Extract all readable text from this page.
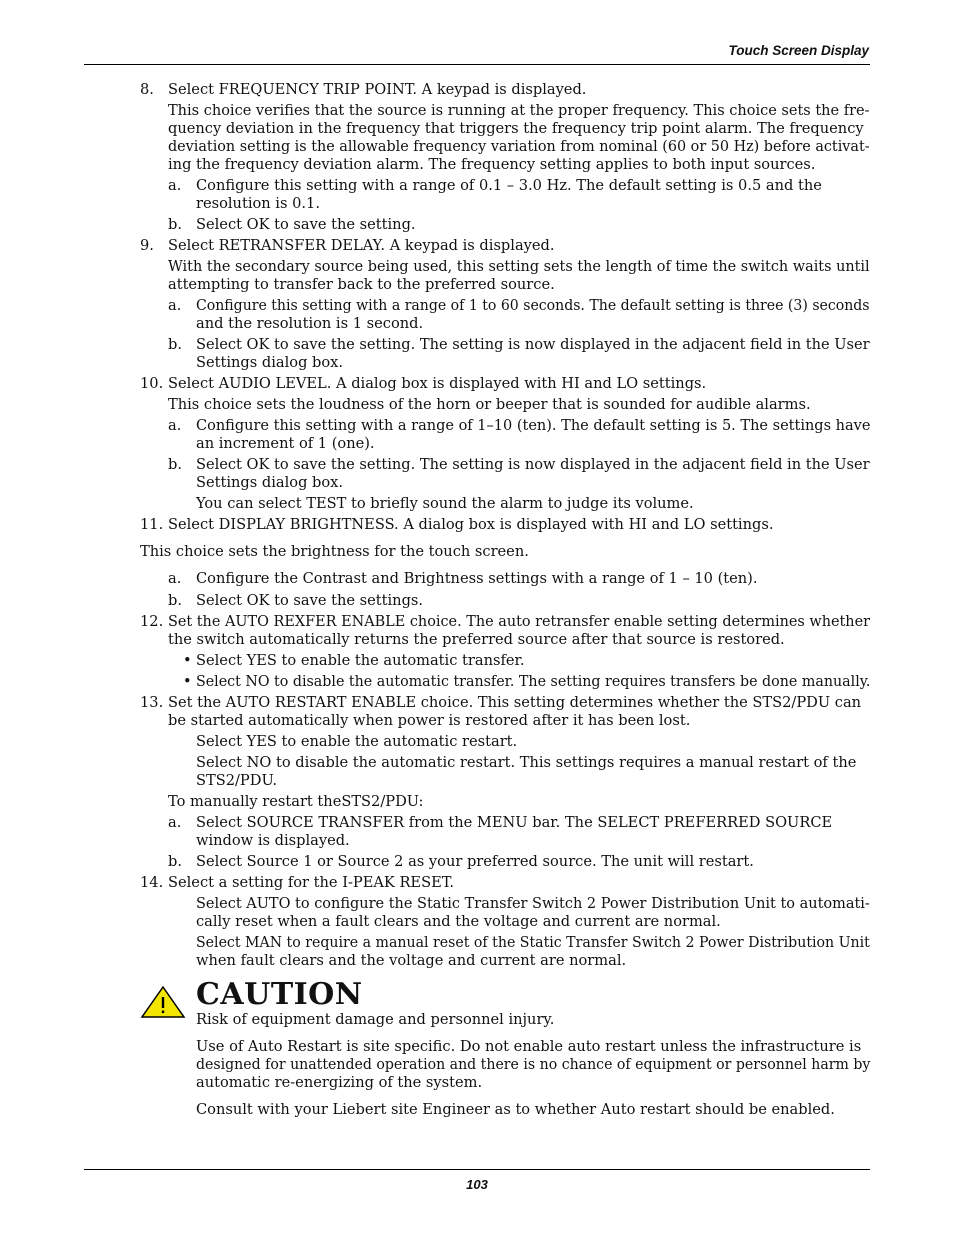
Touch Screen Display
8. Select FREQUENCY TRIP POINT. A keypad is displayed.
This choice verifies that the source is running at the proper frequency. This choice sets the fre-
quency deviation in the frequency that triggers the frequency trip point alarm. The frequency
deviation setting is the allowable frequency variation from nominal (60 or 50 Hz) before activat-
ing the frequency deviation alarm. The frequency setting applies to both input sources.
a. Configure this setting with a range of 0.1 – 3.0 Hz. The default setting is 0.5 and the
resolution is 0.1.
b. Select OK to save the setting.
9. Select RETRANSFER DELAY. A keypad is displayed.
With the secondary source being used, this setting sets the length of time the switch waits until
attempting to transfer back to the preferred source.
a. Configure this setting with a range of 1 to 60 seconds. The default setting is three (3) seconds
and the resolution is 1 second.
b. Select OK to save the setting. The setting is now displayed in the adjacent field in the User
Settings dialog box.
10. Select AUDIO LEVEL. A dialog box is displayed with HI and LO settings.
This choice sets the loudness of the horn or beeper that is sounded for audible alarms.
a. Configure this setting with a range of 1–10 (ten). The default setting is 5. The settings have
an increment of 1 (one).
b. Select OK to save the setting. The setting is now displayed in the adjacent field in the User
Settings dialog box.
You can select TEST to briefly sound the alarm to judge its volume.
11. Select DISPLAY BRIGHTNESS. A dialog box is displayed with HI and LO settings.
This choice sets the brightness for the touch screen.
a. Configure the Contrast and Brightness settings with a range of 1 – 10 (ten).
b. Select OK to save the settings.
12. Set the AUTO REXFER ENABLE choice. The auto retransfer enable setting determines whether
the switch automatically returns the preferred source after that source is restored.
• Select YES to enable the automatic transfer.
• Select NO to disable the automatic transfer. The setting requires transfers be done manually.
13. Set the AUTO RESTART ENABLE choice. This setting determines whether the STS2/PDU can
be started automatically when power is restored after it has been lost.
Select YES to enable the automatic restart.
Select NO to disable the automatic restart. This settings requires a manual restart of the
STS2/PDU.
To manually restart theSTS2/PDU:
a. Select SOURCE TRANSFER from the MENU bar. The SELECT PREFERRED SOURCE
window is displayed.
b. Select Source 1 or Source 2 as your preferred source. The unit will restart.
14. Select a setting for the I-PEAK RESET.
Select AUTO to configure the Static Transfer Switch 2 Power Distribution Unit to automati-
cally reset when a fault clears and the voltage and current are normal.
Select MAN to require a manual reset of the Static Transfer Switch 2 Power Distribution Unit
when fault clears and the voltage and current are normal.
Risk of equipment damage and personnel injury.
Use of Auto Restart is site specific. Do not enable auto restart unless the infrastructure is
designed for unattended operation and there is no chance of equipment or personnel harm by
automatic re-energizing of the system.
Consult with your Liebert site Engineer as to whether Auto restart should be enabled.
CAUTION
103
